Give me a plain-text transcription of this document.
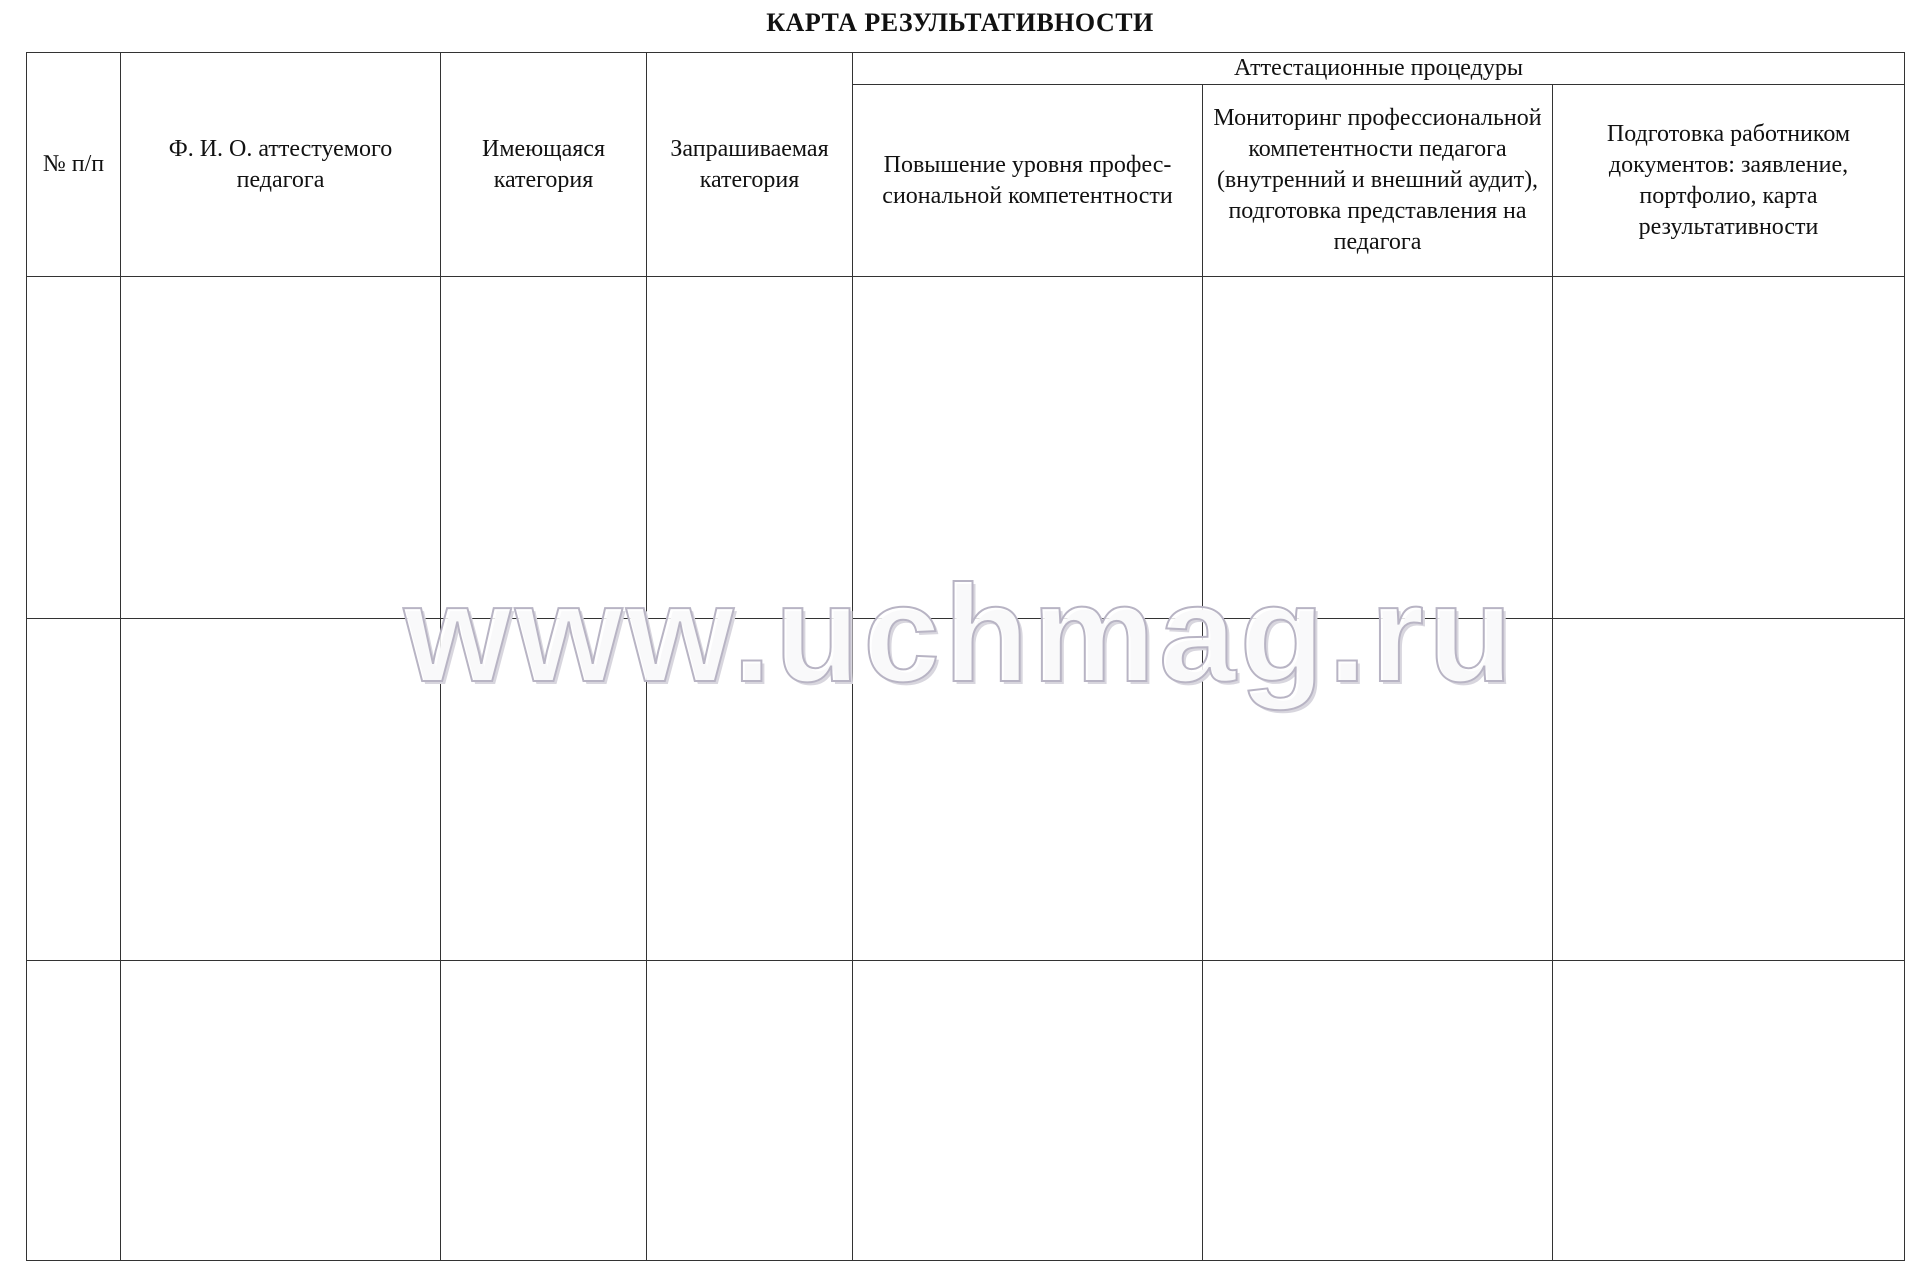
КАРТА РЕЗУЛЬТАТИВНОСТИ
№ п/п	Ф. И. О. аттестуемого педагога	Имеющаяся категория	Запрашиваемая категория	Аттестационные процедуры		
				Повышение уровня профес-сиональной компетентности	Мониторинг профессиональной компетентности педагога (внутренний и внешний аудит), подготовка представления на педагога	Подготовка работником документов: заявление, портфолио, карта результативности

www.uchmag.ru
